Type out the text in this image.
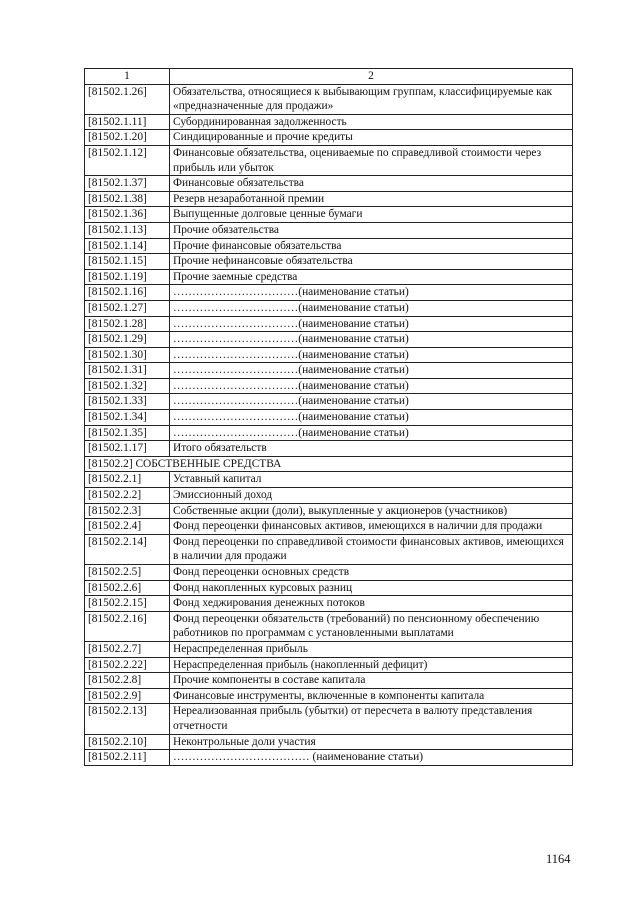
1	2
[81502.1.26]	Обязательства, относящиеся к выбывающим группам, классифицируемые как «предназначенные для продажи»
[81502.1.11]	Субординированная задолженность
[81502.1.20]	Синдицированные и прочие кредиты
[81502.1.12]	Финансовые обязательства, оцениваемые по справедливой стоимости через прибыль или убыток
[81502.1.37]	Финансовые обязательства
[81502.1.38]	Резерв незаработанной премии
[81502.1.36]	Выпущенные долговые ценные бумаги
[81502.1.13]	Прочие обязательства
[81502.1.14]	Прочие финансовые обязательства
[81502.1.15]	Прочие нефинансовые обязательства
[81502.1.19]	Прочие заемные средства
[81502.1.16]	……………………………(наименование статьи)
[81502.1.27]	……………………………(наименование статьи)
[81502.1.28]	……………………………(наименование статьи)
[81502.1.29]	……………………………(наименование статьи)
[81502.1.30]	……………………………(наименование статьи)
[81502.1.31]	……………………………(наименование статьи)
[81502.1.32]	……………………………(наименование статьи)
[81502.1.33]	……………………………(наименование статьи)
[81502.1.34]	……………………………(наименование статьи)
[81502.1.35]	……………………………(наименование статьи)
[81502.1.17]	Итого обязательств
[81502.2] СОБСТВЕННЫЕ СРЕДСТВА	
[81502.2.1]	Уставный капитал
[81502.2.2]	Эмиссионный доход
[81502.2.3]	Собственные акции (доли), выкупленные у акционеров (участников)
[81502.2.4]	Фонд переоценки финансовых активов, имеющихся в наличии для продажи
[81502.2.14]	Фонд переоценки по справедливой стоимости финансовых активов, имеющихся в наличии для продажи
[81502.2.5]	Фонд переоценки основных средств
[81502.2.6]	Фонд накопленных курсовых разниц
[81502.2.15]	Фонд хеджирования денежных потоков
[81502.2.16]	Фонд переоценки обязательств (требований) по пенсионному обеспечению работников по программам с установленными выплатами
[81502.2.7]	Нераспределенная прибыль
[81502.2.22]	Нераспределенная прибыль (накопленный дефицит)
[81502.2.8]	Прочие компоненты в составе капитала
[81502.2.9]	Финансовые инструменты, включенные в компоненты капитала
[81502.2.13]	Нереализованная прибыль (убытки) от пересчета в валюту представления отчетности
[81502.2.10]	Неконтрольные доли участия
[81502.2.11]	……………………………… (наименование статьи)
1164
